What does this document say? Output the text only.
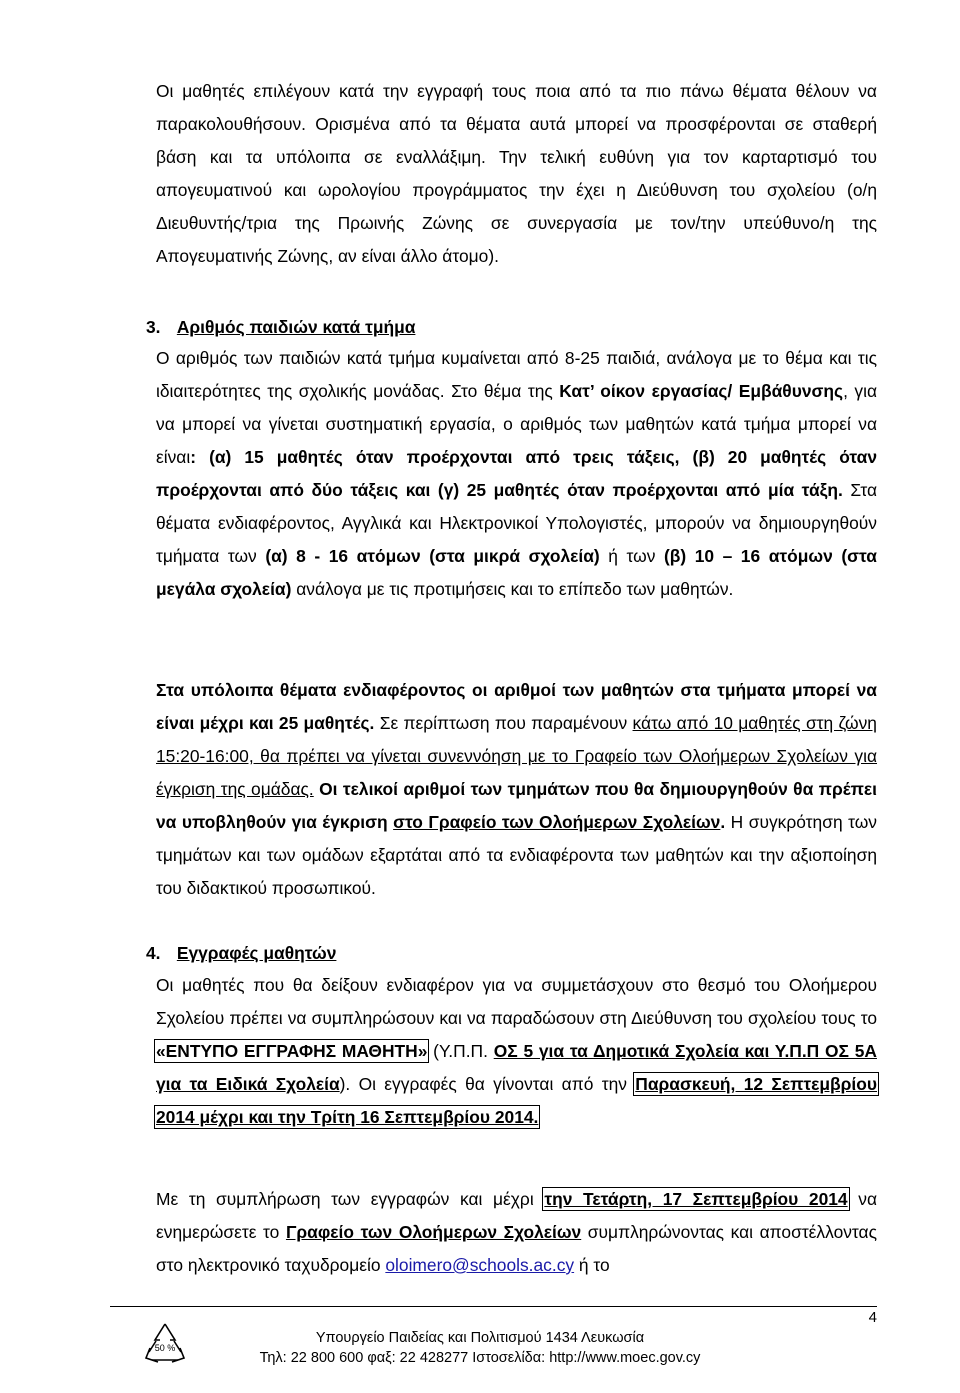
Οι μαθητές επιλέγουν κατά την εγγραφή τους ποια από τα πιο πάνω θέματα θέλουν να παρακολουθήσουν. Ορισμένα από τα θέματα αυτά μπορεί να προσφέρονται σε σταθερή βάση και τα υπόλοιπα σε εναλλάξιμη. Την τελική ευθύνη για τον καρταρτισμό του απογευματινού και ωρολογίου προγράμματος την έχει η Διεύθυνση του σχολείου (ο/η Διευθυντής/τρια της Πρωινής Ζώνης σε συνεργασία με τον/την υπεύθυνο/η της Απογευματινής Ζώνης, αν είναι άλλο άτομο).

3. Αριθμός παιδιών κατά τμήμα

Ο αριθμός των παιδιών κατά τμήμα κυμαίνεται από 8-25 παιδιά, ανάλογα με το θέμα και τις ιδιαιτερότητες της σχολικής μονάδας. Στο θέμα της Κατ’ οίκον εργασίας/ Εμβάθυνσης, για να μπορεί να γίνεται συστηματική εργασία, ο αριθμός των μαθητών κατά τμήμα μπορεί να είναι: (α) 15 μαθητές όταν προέρχονται από τρεις τάξεις, (β) 20 μαθητές όταν προέρχονται από δύο τάξεις και (γ) 25 μαθητές όταν προέρχονται από μία τάξη. Στα θέματα ενδιαφέροντος, Αγγλικά και Ηλεκτρονικοί Υπολογιστές, μπορούν να δημιουργηθούν τμήματα των (α) 8 - 16 ατόμων (στα μικρά σχολεία) ή των (β) 10 – 16 ατόμων (στα μεγάλα σχολεία) ανάλογα με τις προτιμήσεις και το επίπεδο των μαθητών.

Στα υπόλοιπα θέματα ενδιαφέροντος οι αριθμοί των μαθητών στα τμήματα μπορεί να είναι μέχρι και 25 μαθητές. Σε περίπτωση που παραμένουν κάτω από 10 μαθητές στη ζώνη 15:20-16:00, θα πρέπει να γίνεται συνεννόηση με το Γραφείο των Ολοήμερων Σχολείων για έγκριση της ομάδας. Οι τελικοί αριθμοί των τμημάτων που θα δημιουργηθούν θα πρέπει να υποβληθούν για έγκριση στο Γραφείο των Ολοήμερων Σχολείων. Η συγκρότηση των τμημάτων και των ομάδων εξαρτάται από τα ενδιαφέροντα των μαθητών και την αξιοποίηση του διδακτικού προσωπικού.

4. Εγγραφές μαθητών

Οι μαθητές που θα δείξουν ενδιαφέρον για να συμμετάσχουν στο θεσμό του Ολοήμερου Σχολείου πρέπει να συμπληρώσουν και να παραδώσουν στη Διεύθυνση του σχολείου τους το «ΕΝΤΥΠΟ ΕΓΓΡΑΦΗΣ ΜΑΘΗΤΗ» (Υ.Π.Π. ΟΣ 5 για τα Δημοτικά Σχολεία και Υ.Π.Π ΟΣ 5Α για τα Ειδικά Σχολεία). Οι εγγραφές θα γίνονται από την Παρασκευή, 12 Σεπτεμβρίου 2014 μέχρι και την Τρίτη 16 Σεπτεμβρίου 2014.

Με τη συμπλήρωση των εγγραφών και μέχρι την Τετάρτη, 17 Σεπτεμβρίου 2014 να ενημερώσετε το Γραφείο των Ολοήμερων Σχολείων συμπληρώνοντας και αποστέλλοντας στο ηλεκτρονικό ταχυδρομείο oloimero@schools.ac.cy ή το

4
50 %
Υπουργείο Παιδείας και Πολιτισμού 1434 Λευκωσία
Τηλ: 22 800 600 φαξ: 22 428277 Ιστοσελίδα: http://www.moec.gov.cy
